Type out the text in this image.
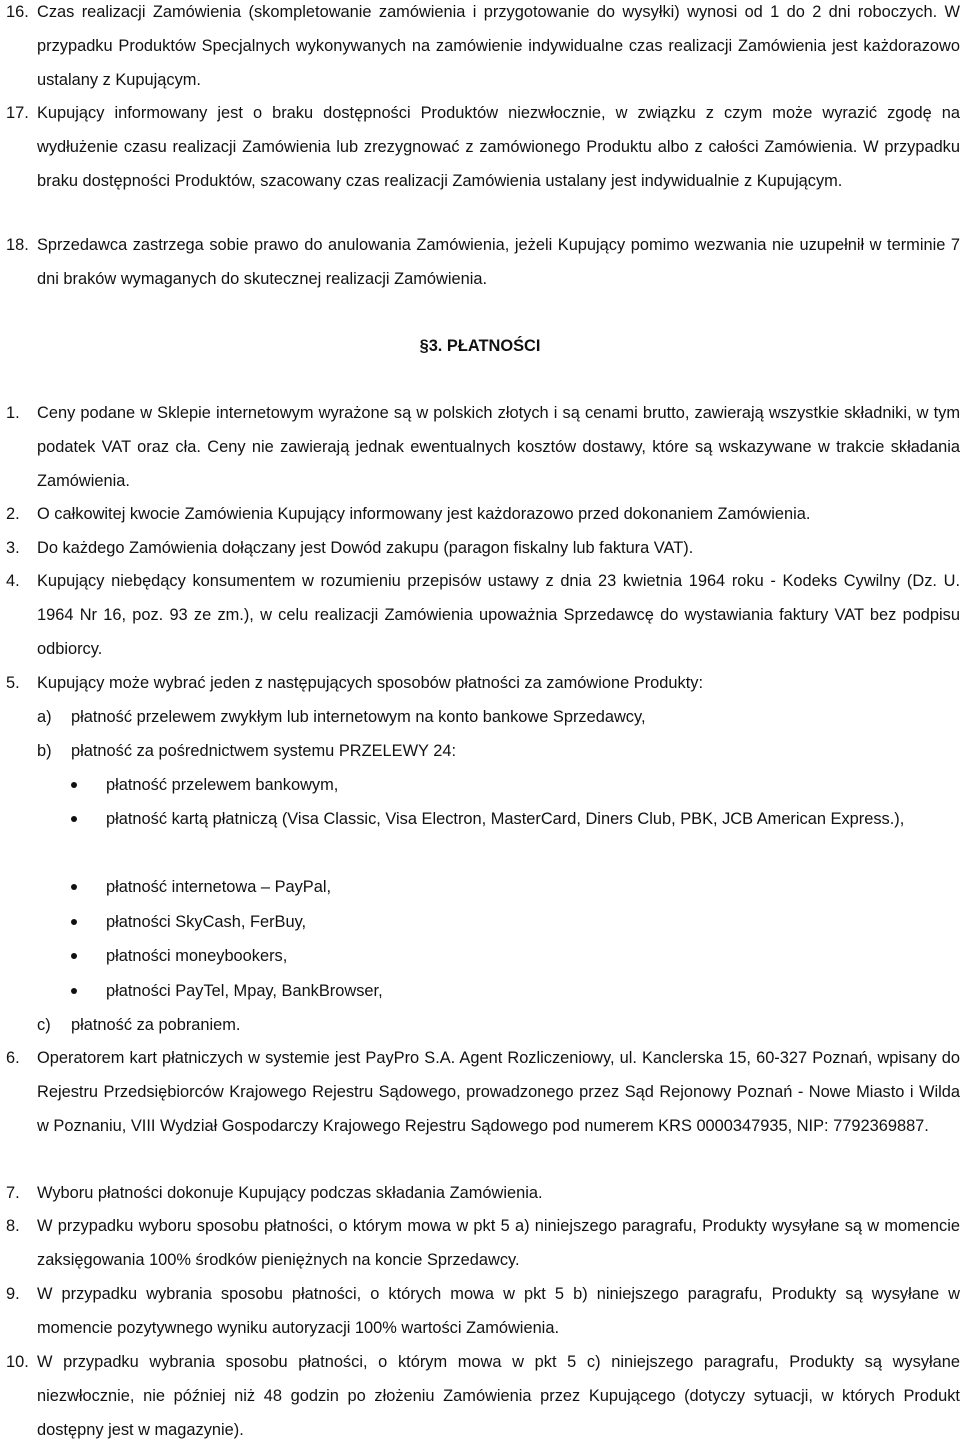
16. Czas realizacji Zamówienia (skompletowanie zamówienia i przygotowanie do wysyłki) wynosi od 1 do 2 dni roboczych. W przypadku Produktów Specjalnych wykonywanych na zamówienie indywidualne czas realizacji Zamówienia jest każdorazowo ustalany z Kupującym.
17. Kupujący informowany jest o braku dostępności Produktów niezwłocznie, w związku z czym może wyrazić zgodę na wydłużenie czasu realizacji Zamówienia lub zrezygnować z zamówionego Produktu albo z całości Zamówienia. W przypadku braku dostępności Produktów, szacowany czas realizacji Zamówienia ustalany jest indywidualnie z Kupującym.
18. Sprzedawca zastrzega sobie prawo do anulowania Zamówienia, jeżeli Kupujący pomimo wezwania nie uzupełnił w terminie 7 dni braków wymaganych do skutecznej realizacji Zamówienia.
§3. PŁATNOŚCI
1. Ceny podane w Sklepie internetowym wyrażone są w polskich złotych i są cenami brutto, zawierają wszystkie składniki, w tym podatek VAT oraz cła. Ceny nie zawierają jednak ewentualnych kosztów dostawy, które są wskazywane w trakcie składania Zamówienia.
2. O całkowitej kwocie Zamówienia Kupujący informowany jest każdorazowo przed dokonaniem Zamówienia.
3. Do każdego Zamówienia dołączany jest Dowód zakupu (paragon fiskalny lub faktura VAT).
4. Kupujący niebędący konsumentem w rozumieniu przepisów ustawy z dnia 23 kwietnia 1964 roku - Kodeks Cywilny (Dz. U. 1964 Nr 16, poz. 93 ze zm.), w celu realizacji Zamówienia upoważnia Sprzedawcę do wystawiania faktury VAT bez podpisu odbiorcy.
5. Kupujący może wybrać jeden z następujących sposobów płatności za zamówione Produkty:
a) płatność przelewem zwykłym lub internetowym na konto bankowe Sprzedawcy,
b) płatność za pośrednictwem systemu PRZELEWY 24:
płatność przelewem bankowym,
płatność kartą płatniczą (Visa Classic, Visa Electron, MasterCard, Diners Club, PBK, JCB American Express.),
płatność internetowa – PayPal,
płatności SkyCash, FerBuy,
płatności moneybookers,
płatności PayTel, Mpay, BankBrowser,
c) płatność za pobraniem.
6. Operatorem kart płatniczych w systemie jest PayPro S.A. Agent Rozliczeniowy, ul. Kanclerska 15, 60-327 Poznań, wpisany do Rejestru Przedsiębiorców Krajowego Rejestru Sądowego, prowadzonego przez Sąd Rejonowy Poznań - Nowe Miasto i Wilda w Poznaniu, VIII Wydział Gospodarczy Krajowego Rejestru Sądowego pod numerem KRS 0000347935, NIP: 7792369887.
7. Wyboru płatności dokonuje Kupujący podczas składania Zamówienia.
8. W przypadku wyboru sposobu płatności, o którym mowa w pkt 5 a) niniejszego paragrafu, Produkty wysyłane są w momencie zaksięgowania 100% środków pieniężnych na koncie Sprzedawcy.
9. W przypadku wybrania sposobu płatności, o których mowa w pkt 5 b) niniejszego paragrafu, Produkty są wysyłane w momencie pozytywnego wyniku autoryzacji 100% wartości Zamówienia.
10. W przypadku wybrania sposobu płatności, o którym mowa w pkt 5 c) niniejszego paragrafu, Produkty są wysyłane niezwłocznie, nie później niż 48 godzin po złożeniu Zamówienia przez Kupującego (dotyczy sytuacji, w których Produkt dostępny jest w magazynie).
